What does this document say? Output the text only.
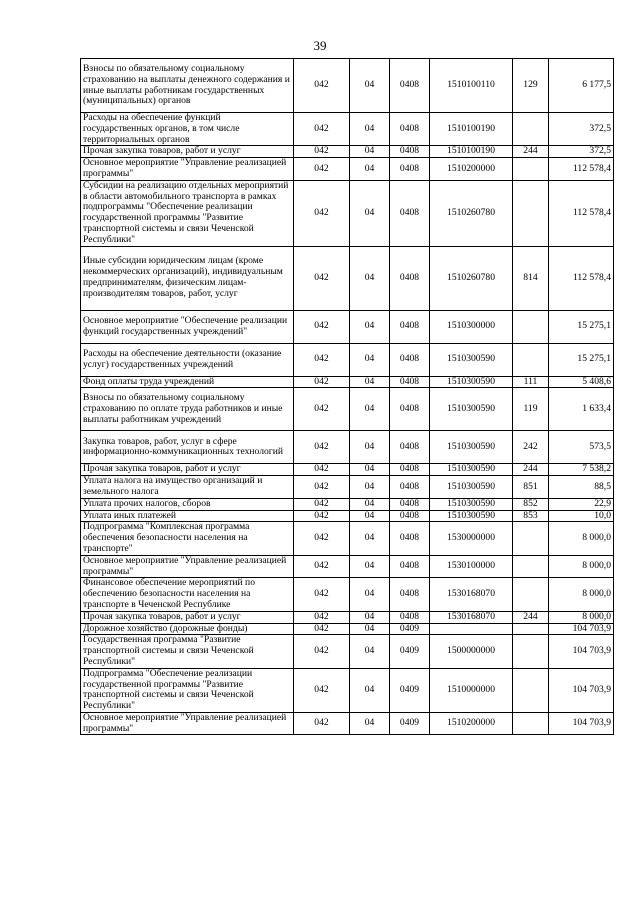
39
Взносы по обязательному социальному страхованию на выплаты денежного содержания и иные выплаты работникам государственных (муниципальных) органов	042	04	0408	1510100110	129	6 177,5
Расходы на обеспечение функций государственных органов, в том числе территориальных органов	042	04	0408	1510100190		372,5
Прочая закупка товаров, работ и услуг	042	04	0408	1510100190	244	372,5
Основное мероприятие "Управление реализацией программы"	042	04	0408	1510200000		112 578,4
Субсидии на реализацию отдельных мероприятий в области автомобильного транспорта в рамках подпрограммы "Обеспечение реализации государственной программы "Развитие транспортной системы и связи Чеченской Республики"	042	04	0408	1510260780		112 578,4
Иные субсидии юридическим лицам (кроме некоммерческих организаций), индивидуальным предпринимателям, физическим лицам-производителям товаров, работ, услуг	042	04	0408	1510260780	814	112 578,4
Основное мероприятие "Обеспечение реализации функций государственных учреждений"	042	04	0408	1510300000		15 275,1
Расходы на обеспечение деятельности (оказание услуг) государственных учреждений	042	04	0408	1510300590		15 275,1
Фонд оплаты труда учреждений	042	04	0408	1510300590	111	5 408,6
Взносы по обязательному социальному страхованию по оплате труда работников и иные выплаты работникам учреждений	042	04	0408	1510300590	119	1 633,4
Закупка товаров, работ, услуг в сфере информационно-коммуникационных технологий	042	04	0408	1510300590	242	573,5
Прочая закупка товаров, работ и услуг	042	04	0408	1510300590	244	7 538,2
Уплата налога на имущество организаций и земельного налога	042	04	0408	1510300590	851	88,5
Уплата прочих налогов, сборов	042	04	0408	1510300590	852	22,9
Уплата иных платежей	042	04	0408	1510300590	853	10,0
Подпрограмма "Комплексная программа обеспечения безопасности населения на транспорте"	042	04	0408	1530000000		8 000,0
Основное мероприятие "Управление реализацией программы"	042	04	0408	1530100000		8 000,0
Финансовое обеспечение мероприятий по обеспечению безопасности населения на транспорте в Чеченской Республике	042	04	0408	1530168070		8 000,0
Прочая закупка товаров, работ и услуг	042	04	0408	1530168070	244	8 000,0
Дорожное хозяйство (дорожные фонды)	042	04	0409			104 703,9
Государственная программа "Развитие транспортной системы и связи Чеченской Республики"	042	04	0409	1500000000		104 703,9
Подпрограмма "Обеспечение реализации государственной программы "Развитие транспортной системы и связи Чеченской Республики"	042	04	0409	1510000000		104 703,9
Основное мероприятие "Управление реализацией программы"	042	04	0409	1510200000		104 703,9
